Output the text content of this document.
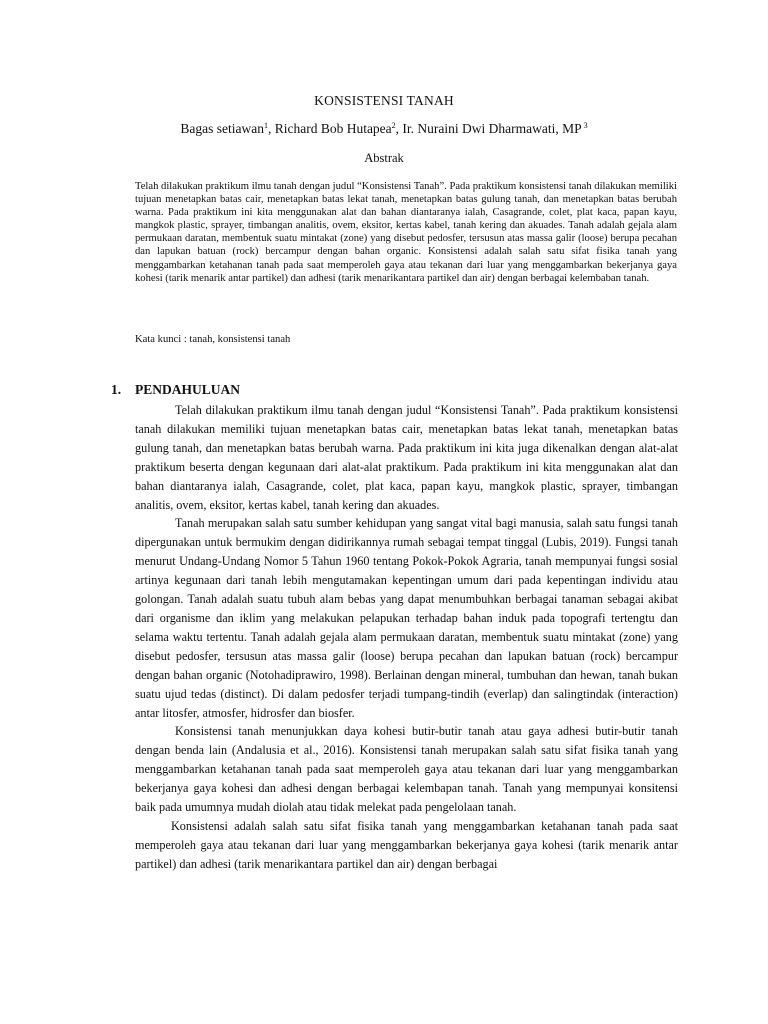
KONSISTENSI TANAH
Bagas setiawan$^1$, Richard Bob Hutapea$^2$, Ir. Nuraini Dwi Dharmawati, MP $^3$
Abstrak

Telah dilakukan praktikum ilmu tanah dengan judul “Konsistensi Tanah”. Pada praktikum konsistensi tanah dilakukan memiliki tujuan menetapkan batas cair, menetapkan batas lekat tanah, menetapkan batas gulung tanah, dan menetapkan batas berubah warna. Pada praktikum ini kita menggunakan alat dan bahan diantaranya ialah, Casagrande, colet, plat kaca, papan kayu, mangkok plastic, sprayer, timbangan analitis, ovem, eksitor, kertas kabel, tanah kering dan akuades. Tanah adalah gejala alam permukaan daratan, membentuk suatu mintakat (zone) yang disebut pedosfer, tersusun atas massa galir (loose) berupa pecahan dan lapukan batuan (rock) bercampur dengan bahan organic. Konsistensi adalah salah satu sifat fisika tanah yang menggambarkan ketahanan tanah pada saat memperoleh gaya atau tekanan dari luar yang menggambarkan bekerjanya gaya kohesi (tarik menarik antar partikel) dan adhesi (tarik menarikantara partikel dan air) dengan berbagai kelembaban tanah.

Kata kunci : tanah, konsistensi tanah

1. PENDAHULUAN

Telah dilakukan praktikum ilmu tanah dengan judul “Konsistensi Tanah”. Pada praktikum konsistensi tanah dilakukan memiliki tujuan menetapkan batas cair, menetapkan batas lekat tanah, menetapkan batas gulung tanah, dan menetapkan batas berubah warna. Pada praktikum ini kita juga dikenalkan dengan alat-alat praktikum beserta dengan kegunaan dari alat-alat praktikum. Pada praktikum ini kita menggunakan alat dan bahan diantaranya ialah, Casagrande, colet, plat kaca, papan kayu, mangkok plastic, sprayer, timbangan analitis, ovem, eksitor, kertas kabel, tanah kering dan akuades.

Tanah merupakan salah satu sumber kehidupan yang sangat vital bagi manusia, salah satu fungsi tanah dipergunakan untuk bermukim dengan didirikannya rumah sebagai tempat tinggal (Lubis, 2019). Fungsi tanah menurut Undang-Undang Nomor 5 Tahun 1960 tentang Pokok-Pokok Agraria, tanah mempunyai fungsi sosial artinya kegunaan dari tanah lebih mengutamakan kepentingan umum dari pada kepentingan individu atau golongan. Tanah adalah suatu tubuh alam bebas yang dapat menumbuhkan berbagai tanaman sebagai akibat dari organisme dan iklim yang melakukan pelapukan terhadap bahan induk pada topografi tertengtu dan selama waktu tertentu. Tanah adalah gejala alam permukaan daratan, membentuk suatu mintakat (zone) yang disebut pedosfer, tersusun atas massa galir (loose) berupa pecahan dan lapukan batuan (rock) bercampur dengan bahan organic (Notohadiprawiro, 1998). Berlainan dengan mineral, tumbuhan dan hewan, tanah bukan suatu ujud tedas (distinct). Di dalam pedosfer terjadi tumpang-tindih (everlap) dan salingtindak (interaction) antar litosfer, atmosfer, hidrosfer dan biosfer.

Konsistensi tanah menunjukkan daya kohesi butir-butir tanah atau gaya adhesi butir-butir tanah dengan benda lain (Andalusia et al., 2016). Konsistensi tanah merupakan salah satu sifat fisika tanah yang menggambarkan ketahanan tanah pada saat memperoleh gaya atau tekanan dari luar yang menggambarkan bekerjanya gaya kohesi dan adhesi dengan berbagai kelembapan tanah. Tanah yang mempunyai konsitensi baik pada umumnya mudah diolah atau tidak melekat pada pengelolaan tanah.

Konsistensi adalah salah satu sifat fisika tanah yang menggambarkan ketahanan tanah pada saat memperoleh gaya atau tekanan dari luar yang menggambarkan bekerjanya gaya kohesi (tarik menarik antar partikel) dan adhesi (tarik menarikantara partikel dan air) dengan berbagai
